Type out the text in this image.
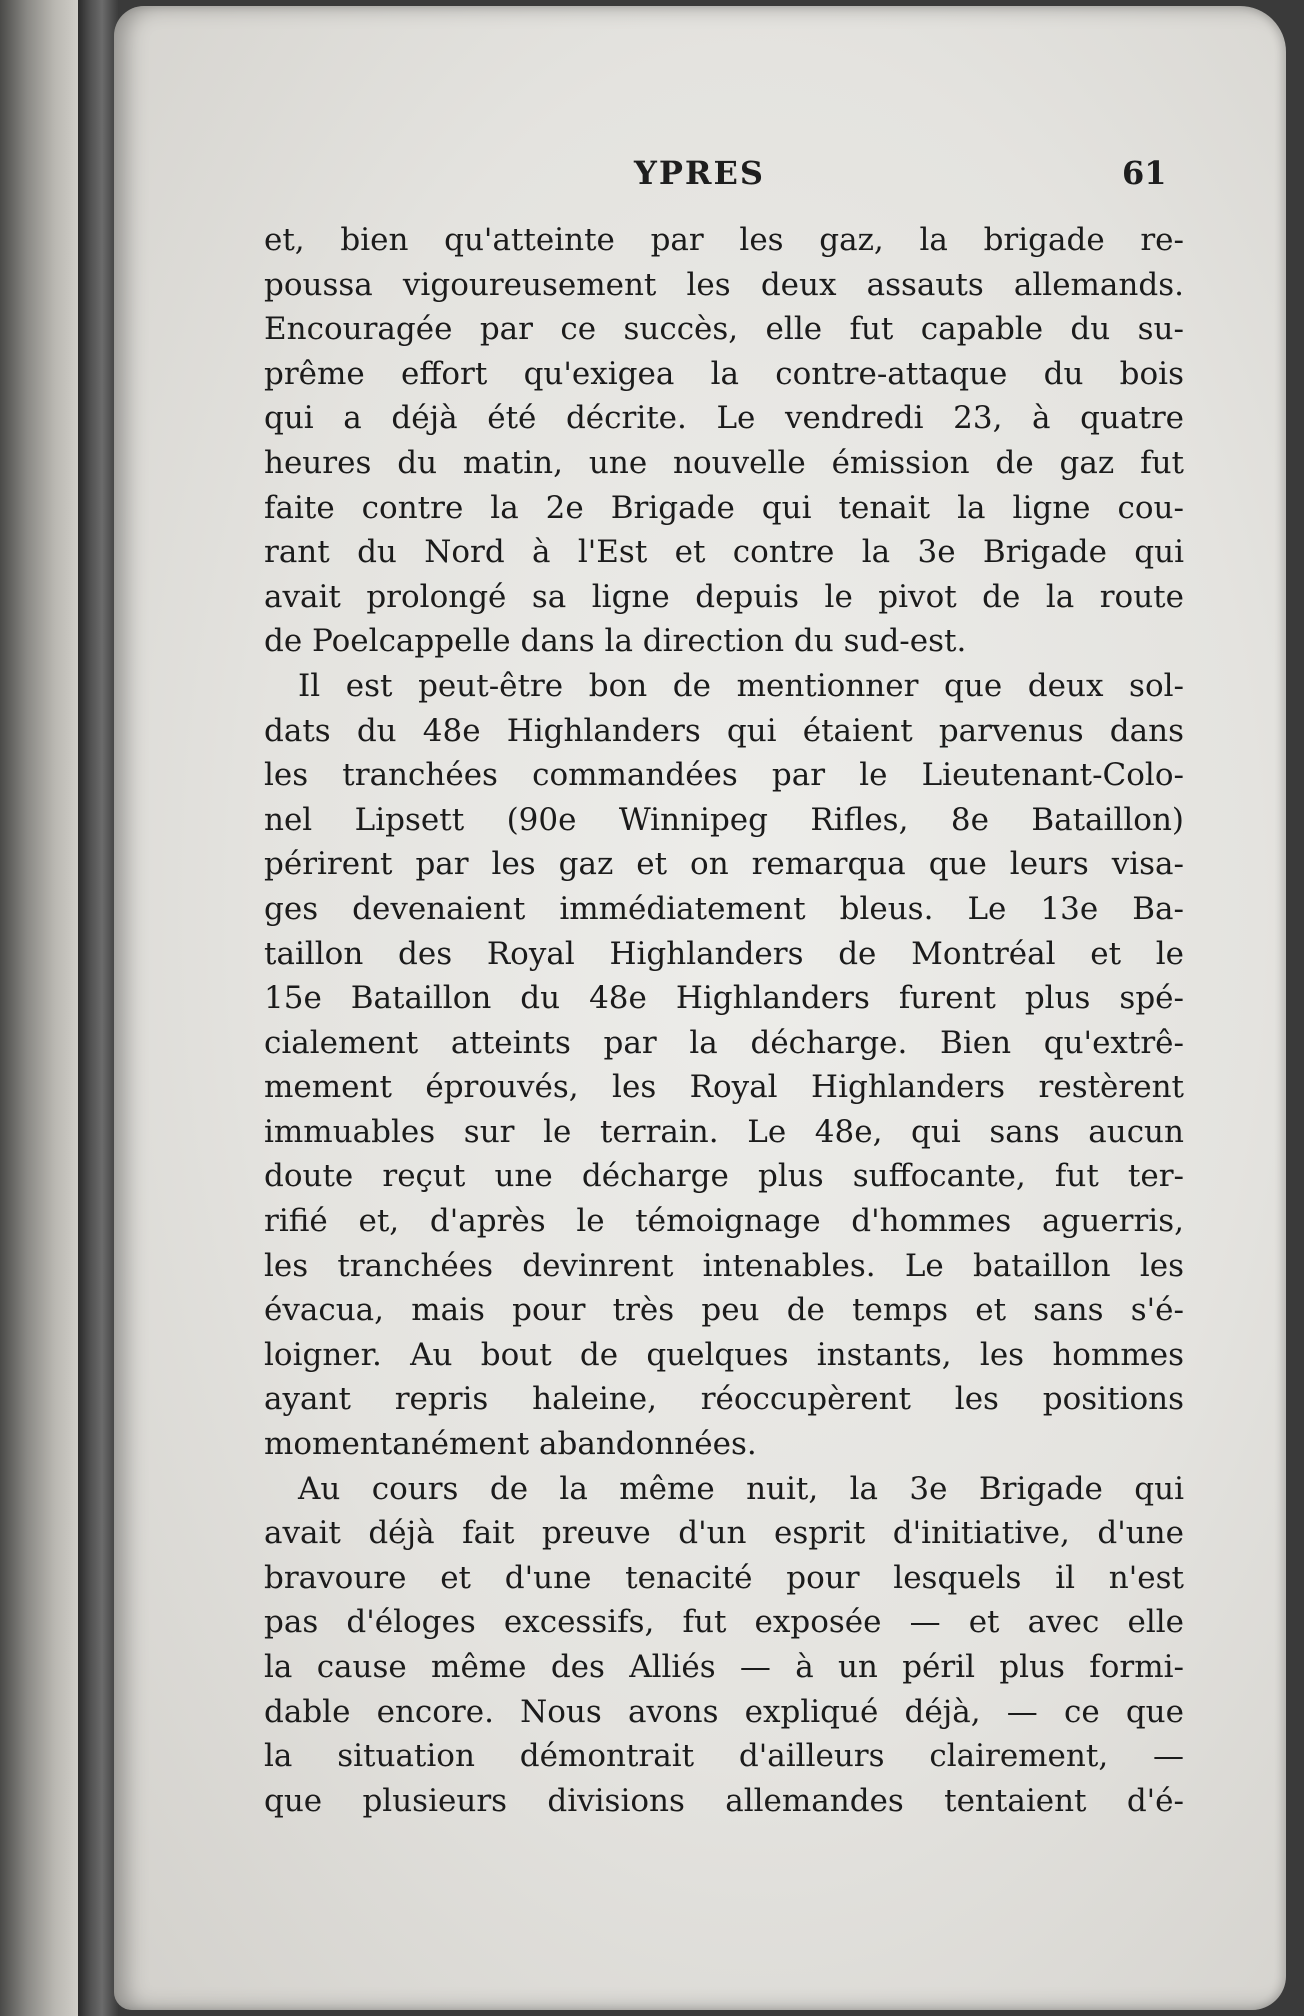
YPRES	61
et, bien qu'atteinte par les gaz, la brigade re-
poussa vigoureusement les deux assauts allemands.
Encouragée par ce succès, elle fut capable du su-
prême effort qu'exigea la contre-attaque du bois
qui a déjà été décrite. Le vendredi 23, à quatre
heures du matin, une nouvelle émission de gaz fut
faite contre la 2e Brigade qui tenait la ligne cou-
rant du Nord à l'Est et contre la 3e Brigade qui
avait prolongé sa ligne depuis le pivot de la route
de Poelcappelle dans la direction du sud-est.
Il est peut-être bon de mentionner que deux sol-
dats du 48e Highlanders qui étaient parvenus dans
les tranchées commandées par le Lieutenant-Colo-
nel Lipsett (90e Winnipeg Rifles, 8e Bataillon)
périrent par les gaz et on remarqua que leurs visa-
ges devenaient immédiatement bleus. Le 13e Ba-
taillon des Royal Highlanders de Montréal et le
15e Bataillon du 48e Highlanders furent plus spé-
cialement atteints par la décharge. Bien qu'extrê-
mement éprouvés, les Royal Highlanders restèrent
immuables sur le terrain. Le 48e, qui sans aucun
doute reçut une décharge plus suffocante, fut ter-
rifié et, d'après le témoignage d'hommes aguerris,
les tranchées devinrent intenables. Le bataillon les
évacua, mais pour très peu de temps et sans s'é-
loigner. Au bout de quelques instants, les hommes
ayant repris haleine, réoccupèrent les positions
momentanément abandonnées.
Au cours de la même nuit, la 3e Brigade qui
avait déjà fait preuve d'un esprit d'initiative, d'une
bravoure et d'une tenacité pour lesquels il n'est
pas d'éloges excessifs, fut exposée — et avec elle
la cause même des Alliés — à un péril plus formi-
dable encore. Nous avons expliqué déjà, — ce que
la situation démontrait d'ailleurs clairement, —
que plusieurs divisions allemandes tentaient d'é-
